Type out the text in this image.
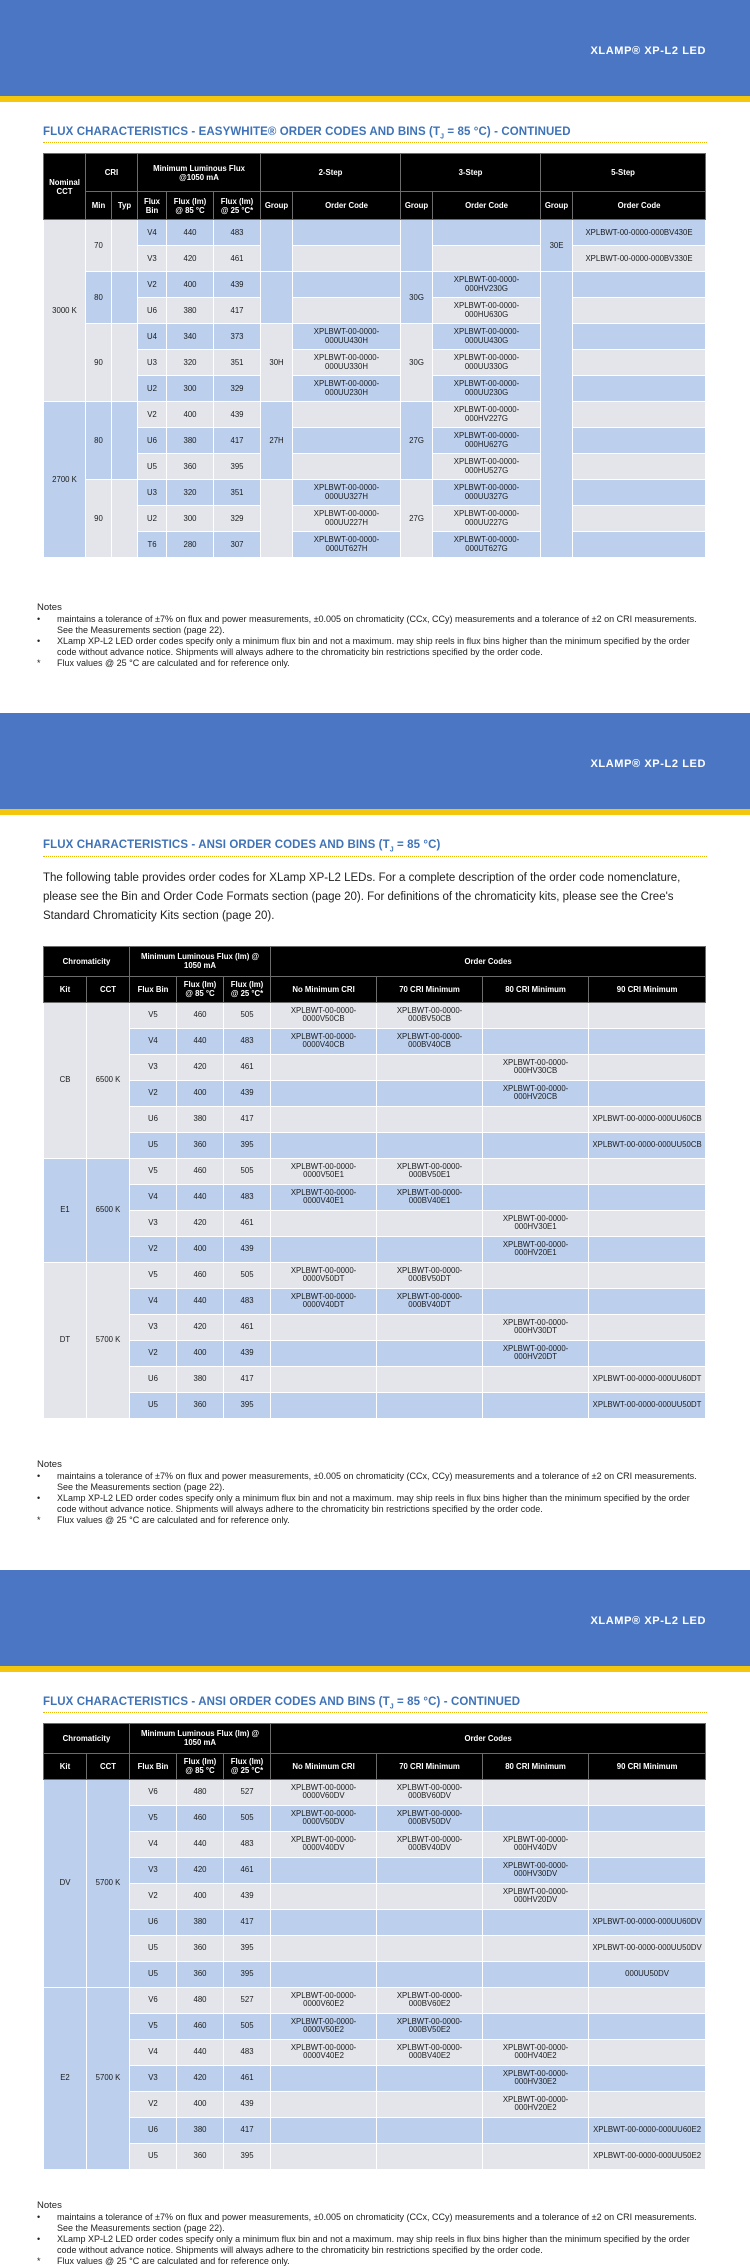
XLAMP® XP-L2 LED
FLUX CHARACTERISTICS - EASYWHITE® ORDER CODES AND BINS ($T_J = 85$ °C) - CONTINUED
Nominal CCT	CRI		Minimum Luminous Flux @1050 mA			2-Step		3-Step		5-Step	
	Min	Typ	Flux Bin	Flux (lm) @ 85 °C	Flux (lm) @ 25 °C*	Group	Order Code	Group	Order Code	Group	Order Code
3000 K	70		V4	440	483					30E	XPLBWT-00-0000-000BV430E
			V3	420	461						XPLBWT-00-0000-000BV330E
	80		V2	400	439			30G	XPLBWT-00-0000-000HV230G		
			U6	380	417				XPLBWT-00-0000-000HU630G		
	90		U4	340	373	30H	XPLBWT-00-0000-000UU430H	30G	XPLBWT-00-0000-000UU430G		
			U3	320	351		XPLBWT-00-0000-000UU330H		XPLBWT-00-0000-000UU330G		
			U2	300	329		XPLBWT-00-0000-000UU230H		XPLBWT-00-0000-000UU230G		
2700 K	80		V2	400	439	27H		27G	XPLBWT-00-0000-000HV227G		
			U6	380	417				XPLBWT-00-0000-000HU627G		
			U5	360	395				XPLBWT-00-0000-000HU527G		
	90		U3	320	351		XPLBWT-00-0000-000UU327H	27G	XPLBWT-00-0000-000UU327G		
			U2	300	329		XPLBWT-00-0000-000UU227H		XPLBWT-00-0000-000UU227G		
			T6	280	307		XPLBWT-00-0000-000UT627H		XPLBWT-00-0000-000UT627G		
Notes
• maintains a tolerance of ±7% on flux and power measurements, ±0.005 on chromaticity (CCx, CCy) measurements and a tolerance of ±2 on CRI measurements. See the Measurements section (page 22).
• XLamp XP-L2 LED order codes specify only a minimum flux bin and not a maximum. may ship reels in flux bins higher than the minimum specified by the order code without advance notice. Shipments will always adhere to the chromaticity bin restrictions specified by the order code.
* Flux values @ 25 °C are calculated and for reference only.
XLAMP® XP-L2 LED
FLUX CHARACTERISTICS - ANSI ORDER CODES AND BINS ($T_J = 85$ °C)
The following table provides order codes for XLamp XP-L2 LEDs. For a complete description of the order code nomenclature, please see the Bin and Order Code Formats section (page 20). For definitions of the chromaticity kits, please see the Cree's Standard Chromaticity Kits section (page 20).
Chromaticity		Minimum Luminous Flux (lm) @ 1050 mA			Order Codes			
Kit	CCT	Flux Bin	Flux (lm) @ 85 °C	Flux (lm) @ 25 °C*	No Minimum CRI	70 CRI Minimum	80 CRI Minimum	90 CRI Minimum
CB	6500 K	V5	460	505	XPLBWT-00-0000-0000V50CB	XPLBWT-00-0000-000BV50CB		
		V4	440	483	XPLBWT-00-0000-0000V40CB	XPLBWT-00-0000-000BV40CB		
		V3	420	461			XPLBWT-00-0000-000HV30CB	
		V2	400	439			XPLBWT-00-0000-000HV20CB	
		U6	380	417				XPLBWT-00-0000-000UU60CB
		U5	360	395				XPLBWT-00-0000-000UU50CB
E1	6500 K	V5	460	505	XPLBWT-00-0000-0000V50E1	XPLBWT-00-0000-000BV50E1		
		V4	440	483	XPLBWT-00-0000-0000V40E1	XPLBWT-00-0000-000BV40E1		
		V3	420	461			XPLBWT-00-0000-000HV30E1	
		V2	400	439			XPLBWT-00-0000-000HV20E1	
DT	5700 K	V5	460	505	XPLBWT-00-0000-0000V50DT	XPLBWT-00-0000-000BV50DT		
		V4	440	483	XPLBWT-00-0000-0000V40DT	XPLBWT-00-0000-000BV40DT		
		V3	420	461			XPLBWT-00-0000-000HV30DT	
		V2	400	439			XPLBWT-00-0000-000HV20DT	
		U6	380	417				XPLBWT-00-0000-000UU60DT
		U5	360	395				XPLBWT-00-0000-000UU50DT
Notes
• maintains a tolerance of ±7% on flux and power measurements, ±0.005 on chromaticity (CCx, CCy) measurements and a tolerance of ±2 on CRI measurements. See the Measurements section (page 22).
• XLamp XP-L2 LED order codes specify only a minimum flux bin and not a maximum. may ship reels in flux bins higher than the minimum specified by the order code without advance notice. Shipments will always adhere to the chromaticity bin restrictions specified by the order code.
* Flux values @ 25 °C are calculated and for reference only.
XLAMP® XP-L2 LED
FLUX CHARACTERISTICS - ANSI ORDER CODES AND BINS ($T_J = 85$ °C) - CONTINUED
Chromaticity		Minimum Luminous Flux (lm) @ 1050 mA			Order Codes			
Kit	CCT	Flux Bin	Flux (lm) @ 85 °C	Flux (lm) @ 25 °C*	No Minimum CRI	70 CRI Minimum	80 CRI Minimum	90 CRI Minimum
DV	5700 K	V6	480	527	XPLBWT-00-0000-0000V60DV	XPLBWT-00-0000-000BV60DV		
		V5	460	505	XPLBWT-00-0000-0000V50DV	XPLBWT-00-0000-000BV50DV		
		V4	440	483	XPLBWT-00-0000-0000V40DV	XPLBWT-00-0000-000BV40DV	XPLBWT-00-0000-000HV40DV	
		V3	420	461			XPLBWT-00-0000-000HV30DV	
		V2	400	439			XPLBWT-00-0000-000HV20DV	
		U6	380	417				XPLBWT-00-0000-000UU60DV
		U5	360	395				XPLBWT-00-0000-000UU50DV
		U5	360	395				000UU50DV
E2	5700 K	V6	480	527	XPLBWT-00-0000-0000V60E2	XPLBWT-00-0000-000BV60E2		
		V5	460	505	XPLBWT-00-0000-0000V50E2	XPLBWT-00-0000-000BV50E2		
		V4	440	483	XPLBWT-00-0000-0000V40E2	XPLBWT-00-0000-000BV40E2	XPLBWT-00-0000-000HV40E2	
		V3	420	461			XPLBWT-00-0000-000HV30E2	
		V2	400	439			XPLBWT-00-0000-000HV20E2	
		U6	380	417				XPLBWT-00-0000-000UU60E2
		U5	360	395				XPLBWT-00-0000-000UU50E2
Notes
• maintains a tolerance of ±7% on flux and power measurements, ±0.005 on chromaticity (CCx, CCy) measurements and a tolerance of ±2 on CRI measurements. See the Measurements section (page 22).
• XLamp XP-L2 LED order codes specify only a minimum flux bin and not a maximum. may ship reels in flux bins higher than the minimum specified by the order code without advance notice. Shipments will always adhere to the chromaticity bin restrictions specified by the order code.
* Flux values @ 25 °C are calculated and for reference only.
